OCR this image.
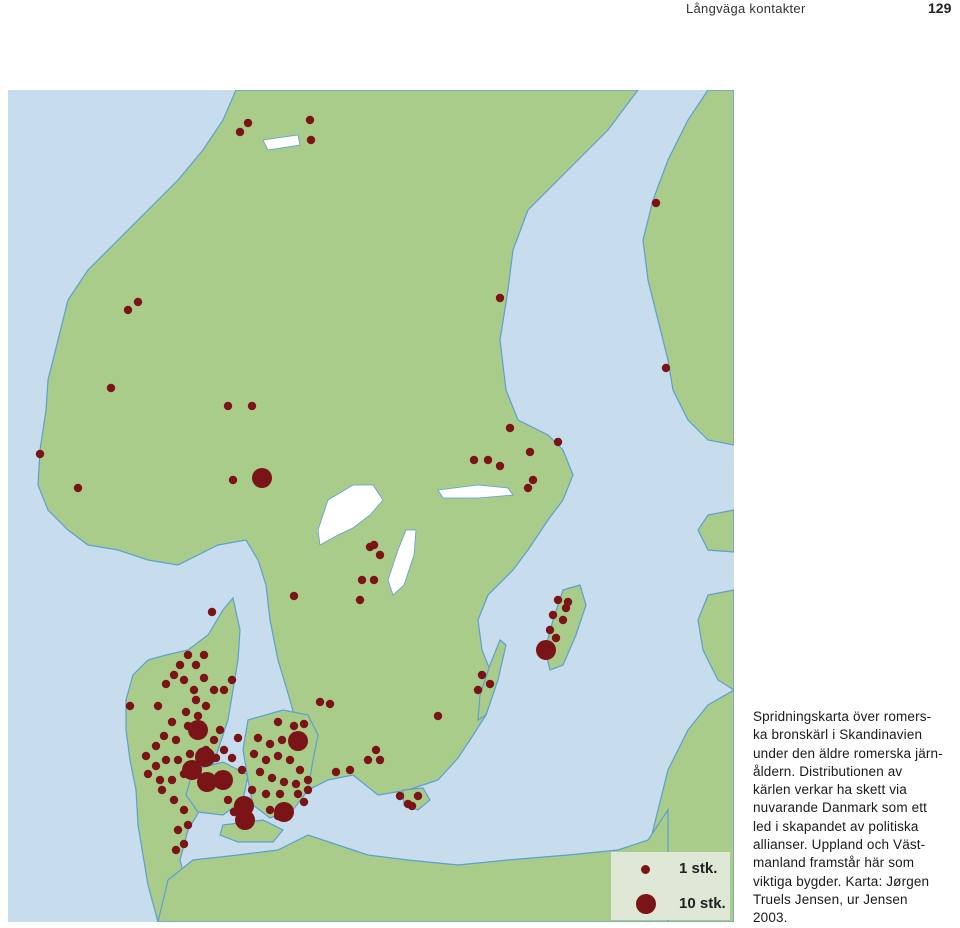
Långväga kontakter	129
1 stk.
10 stk.
Spridningskarta över romers-
ka bronskärl i Skandinavien
under den äldre romerska järn-
åldern. Distributionen av
kärlen verkar ha skett via
nuvarande Danmark som ett
led i skapandet av politiska
allianser. Uppland och Väst-
manland framstår här som
viktiga bygder. Karta: Jørgen
Truels Jensen, ur Jensen
2003.
